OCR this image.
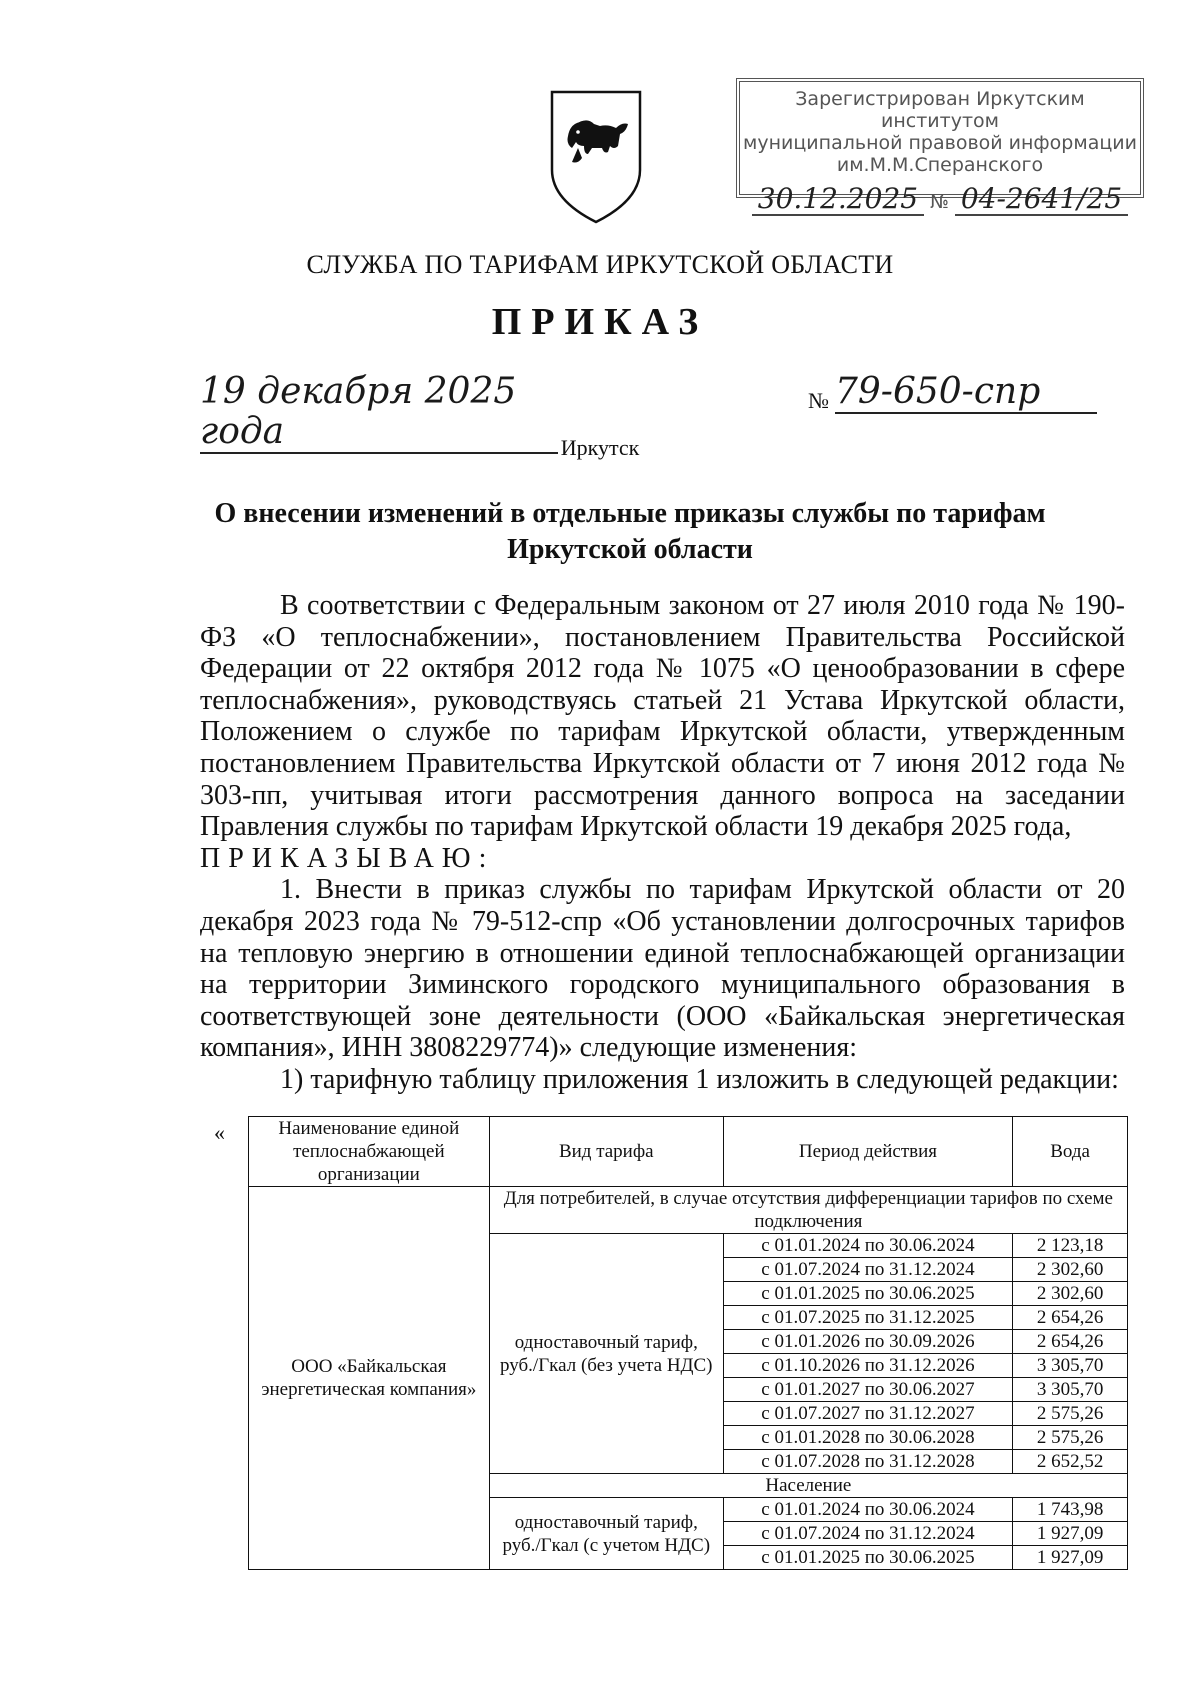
Зарегистрирован Иркутским институтом
муниципальной правовой информации
им.М.М.Сперанского
30.12.2025 № 04-2641/25
СЛУЖБА ПО ТАРИФАМ ИРКУТСКОЙ ОБЛАСТИ
ПРИКАЗ
19 декабря 2025 года
№ 79-650-спр
Иркутск
О внесении изменений в отдельные приказы службы по тарифам
Иркутской области

В соответствии с Федеральным законом от 27 июля 2010 года № 190-ФЗ «О теплоснабжении», постановлением Правительства Российской Федерации от 22 октября 2012 года № 1075 «О ценообразовании в сфере теплоснабжения», руководствуясь статьей 21 Устава Иркутской области, Положением о службе по тарифам Иркутской области, утвержденным постановлением Правительства Иркутской области от 7 июня 2012 года № 303-пп, учитывая итоги рассмотрения данного вопроса на заседании Правления службы по тарифам Иркутской области 19 декабря 2025 года,

ПРИКАЗЫВАЮ:

1. Внести в приказ службы по тарифам Иркутской области от 20 декабря 2023 года № 79-512-спр «Об установлении долгосрочных тарифов на тепловую энергию в отношении единой теплоснабжающей организации на территории Зиминского городского муниципального образования в соответствующей зоне деятельности (ООО «Байкальская энергетическая компания», ИНН 3808229774)» следующие изменения:

1) тарифную таблицу приложения 1 изложить в следующей редакции:

«	Наименование единой теплоснабжающей организации	Вид тарифа	Период действия	Вода
ООО «Байкальская энергетическая компания»	Для потребителей, в случае отсутствия дифференциации тарифов по схеме подключения		
	одноставочный тариф, руб./Гкал (без учета НДС)	с 01.01.2024 по 30.06.2024	2 123,18
		с 01.07.2024 по 31.12.2024	2 302,60
		с 01.01.2025 по 30.06.2025	2 302,60
		с 01.07.2025 по 31.12.2025	2 654,26
		с 01.01.2026 по 30.09.2026	2 654,26
		с 01.10.2026 по 31.12.2026	3 305,70
		с 01.01.2027 по 30.06.2027	3 305,70
		с 01.07.2027 по 31.12.2027	2 575,26
		с 01.01.2028 по 30.06.2028	2 575,26
		с 01.07.2028 по 31.12.2028	2 652,52
	Население		
	одноставочный тариф, руб./Гкал (с учетом НДС)	с 01.01.2024 по 30.06.2024	1 743,98
		с 01.07.2024 по 31.12.2024	1 927,09
		с 01.01.2025 по 30.06.2025	1 927,09
